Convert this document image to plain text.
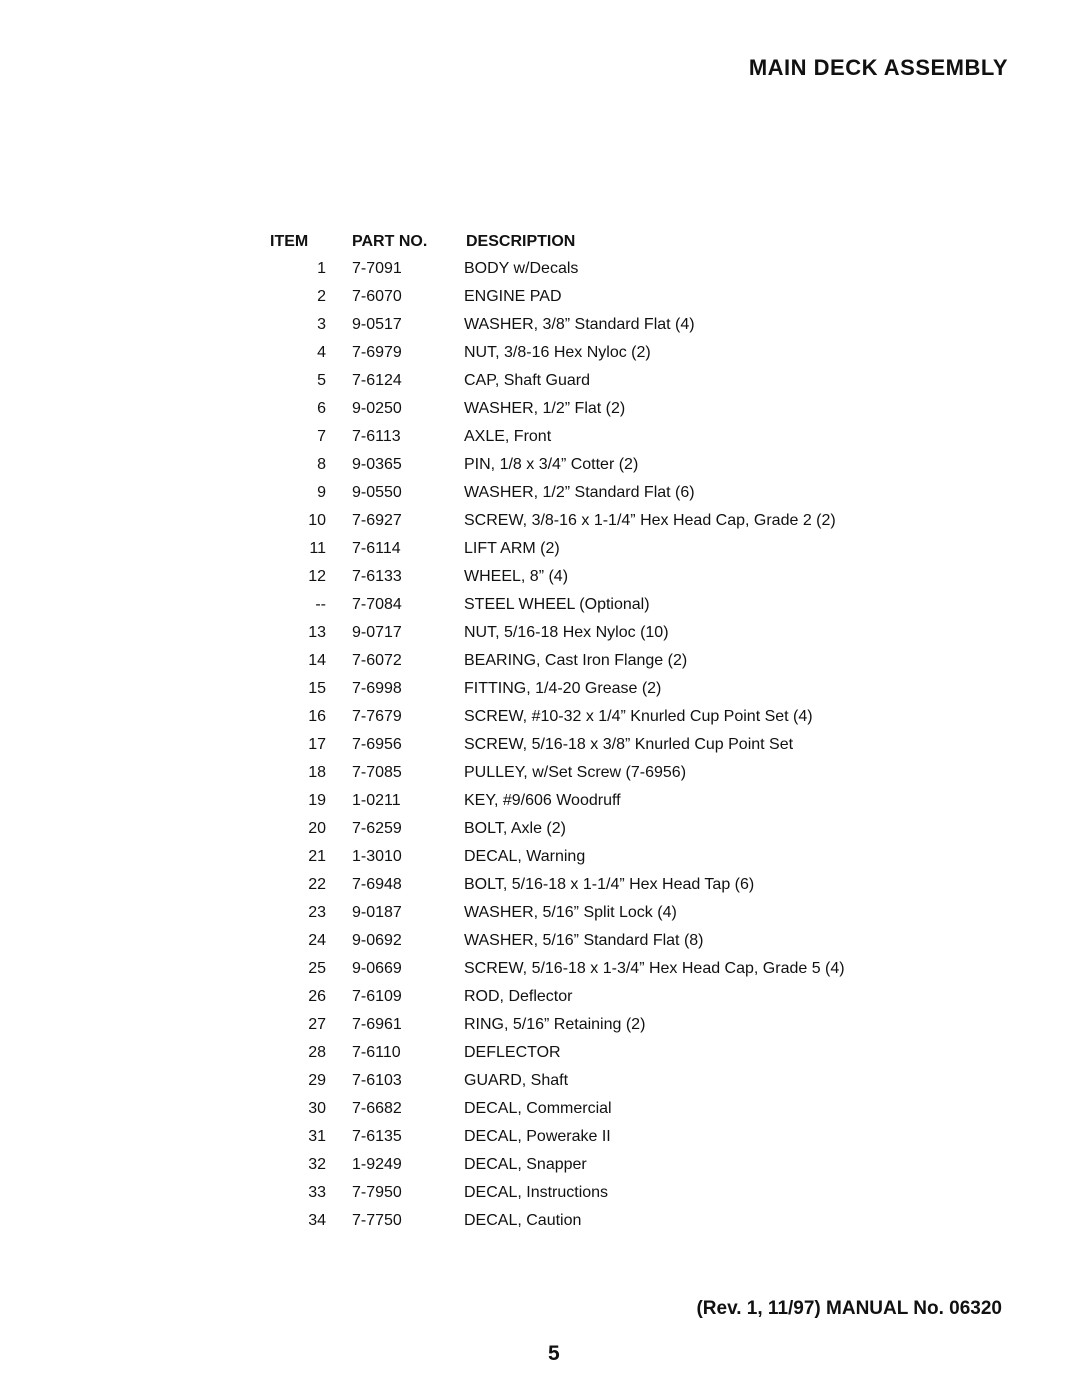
MAIN DECK ASSEMBLY
ITEM	PART NO.	DESCRIPTION
1	7-7091	BODY w/Decals
2	7-6070	ENGINE PAD
3	9-0517	WASHER, 3/8” Standard Flat (4)
4	7-6979	NUT, 3/8-16 Hex Nyloc (2)
5	7-6124	CAP, Shaft Guard
6	9-0250	WASHER, 1/2” Flat (2)
7	7-6113	AXLE, Front
8	9-0365	PIN, 1/8 x 3/4” Cotter (2)
9	9-0550	WASHER, 1/2” Standard Flat (6)
10	7-6927	SCREW, 3/8-16 x 1-1/4” Hex Head Cap, Grade 2 (2)
11	7-6114	LIFT ARM (2)
12	7-6133	WHEEL, 8” (4)
--	7-7084	STEEL WHEEL (Optional)
13	9-0717	NUT, 5/16-18 Hex Nyloc (10)
14	7-6072	BEARING, Cast Iron Flange (2)
15	7-6998	FITTING, 1/4-20 Grease (2)
16	7-7679	SCREW, #10-32 x 1/4” Knurled Cup Point Set (4)
17	7-6956	SCREW, 5/16-18 x 3/8” Knurled Cup Point Set
18	7-7085	PULLEY, w/Set Screw (7-6956)
19	1-0211	KEY, #9/606 Woodruff
20	7-6259	BOLT, Axle (2)
21	1-3010	DECAL, Warning
22	7-6948	BOLT, 5/16-18 x 1-1/4” Hex Head Tap (6)
23	9-0187	WASHER, 5/16” Split Lock (4)
24	9-0692	WASHER, 5/16” Standard Flat (8)
25	9-0669	SCREW, 5/16-18 x 1-3/4” Hex Head Cap, Grade 5 (4)
26	7-6109	ROD, Deflector
27	7-6961	RING, 5/16” Retaining (2)
28	7-6110	DEFLECTOR
29	7-6103	GUARD, Shaft
30	7-6682	DECAL, Commercial
31	7-6135	DECAL, Powerake II
32	1-9249	DECAL, Snapper
33	7-7950	DECAL, Instructions
34	7-7750	DECAL, Caution
(Rev. 1, 11/97) MANUAL No. 06320
5
